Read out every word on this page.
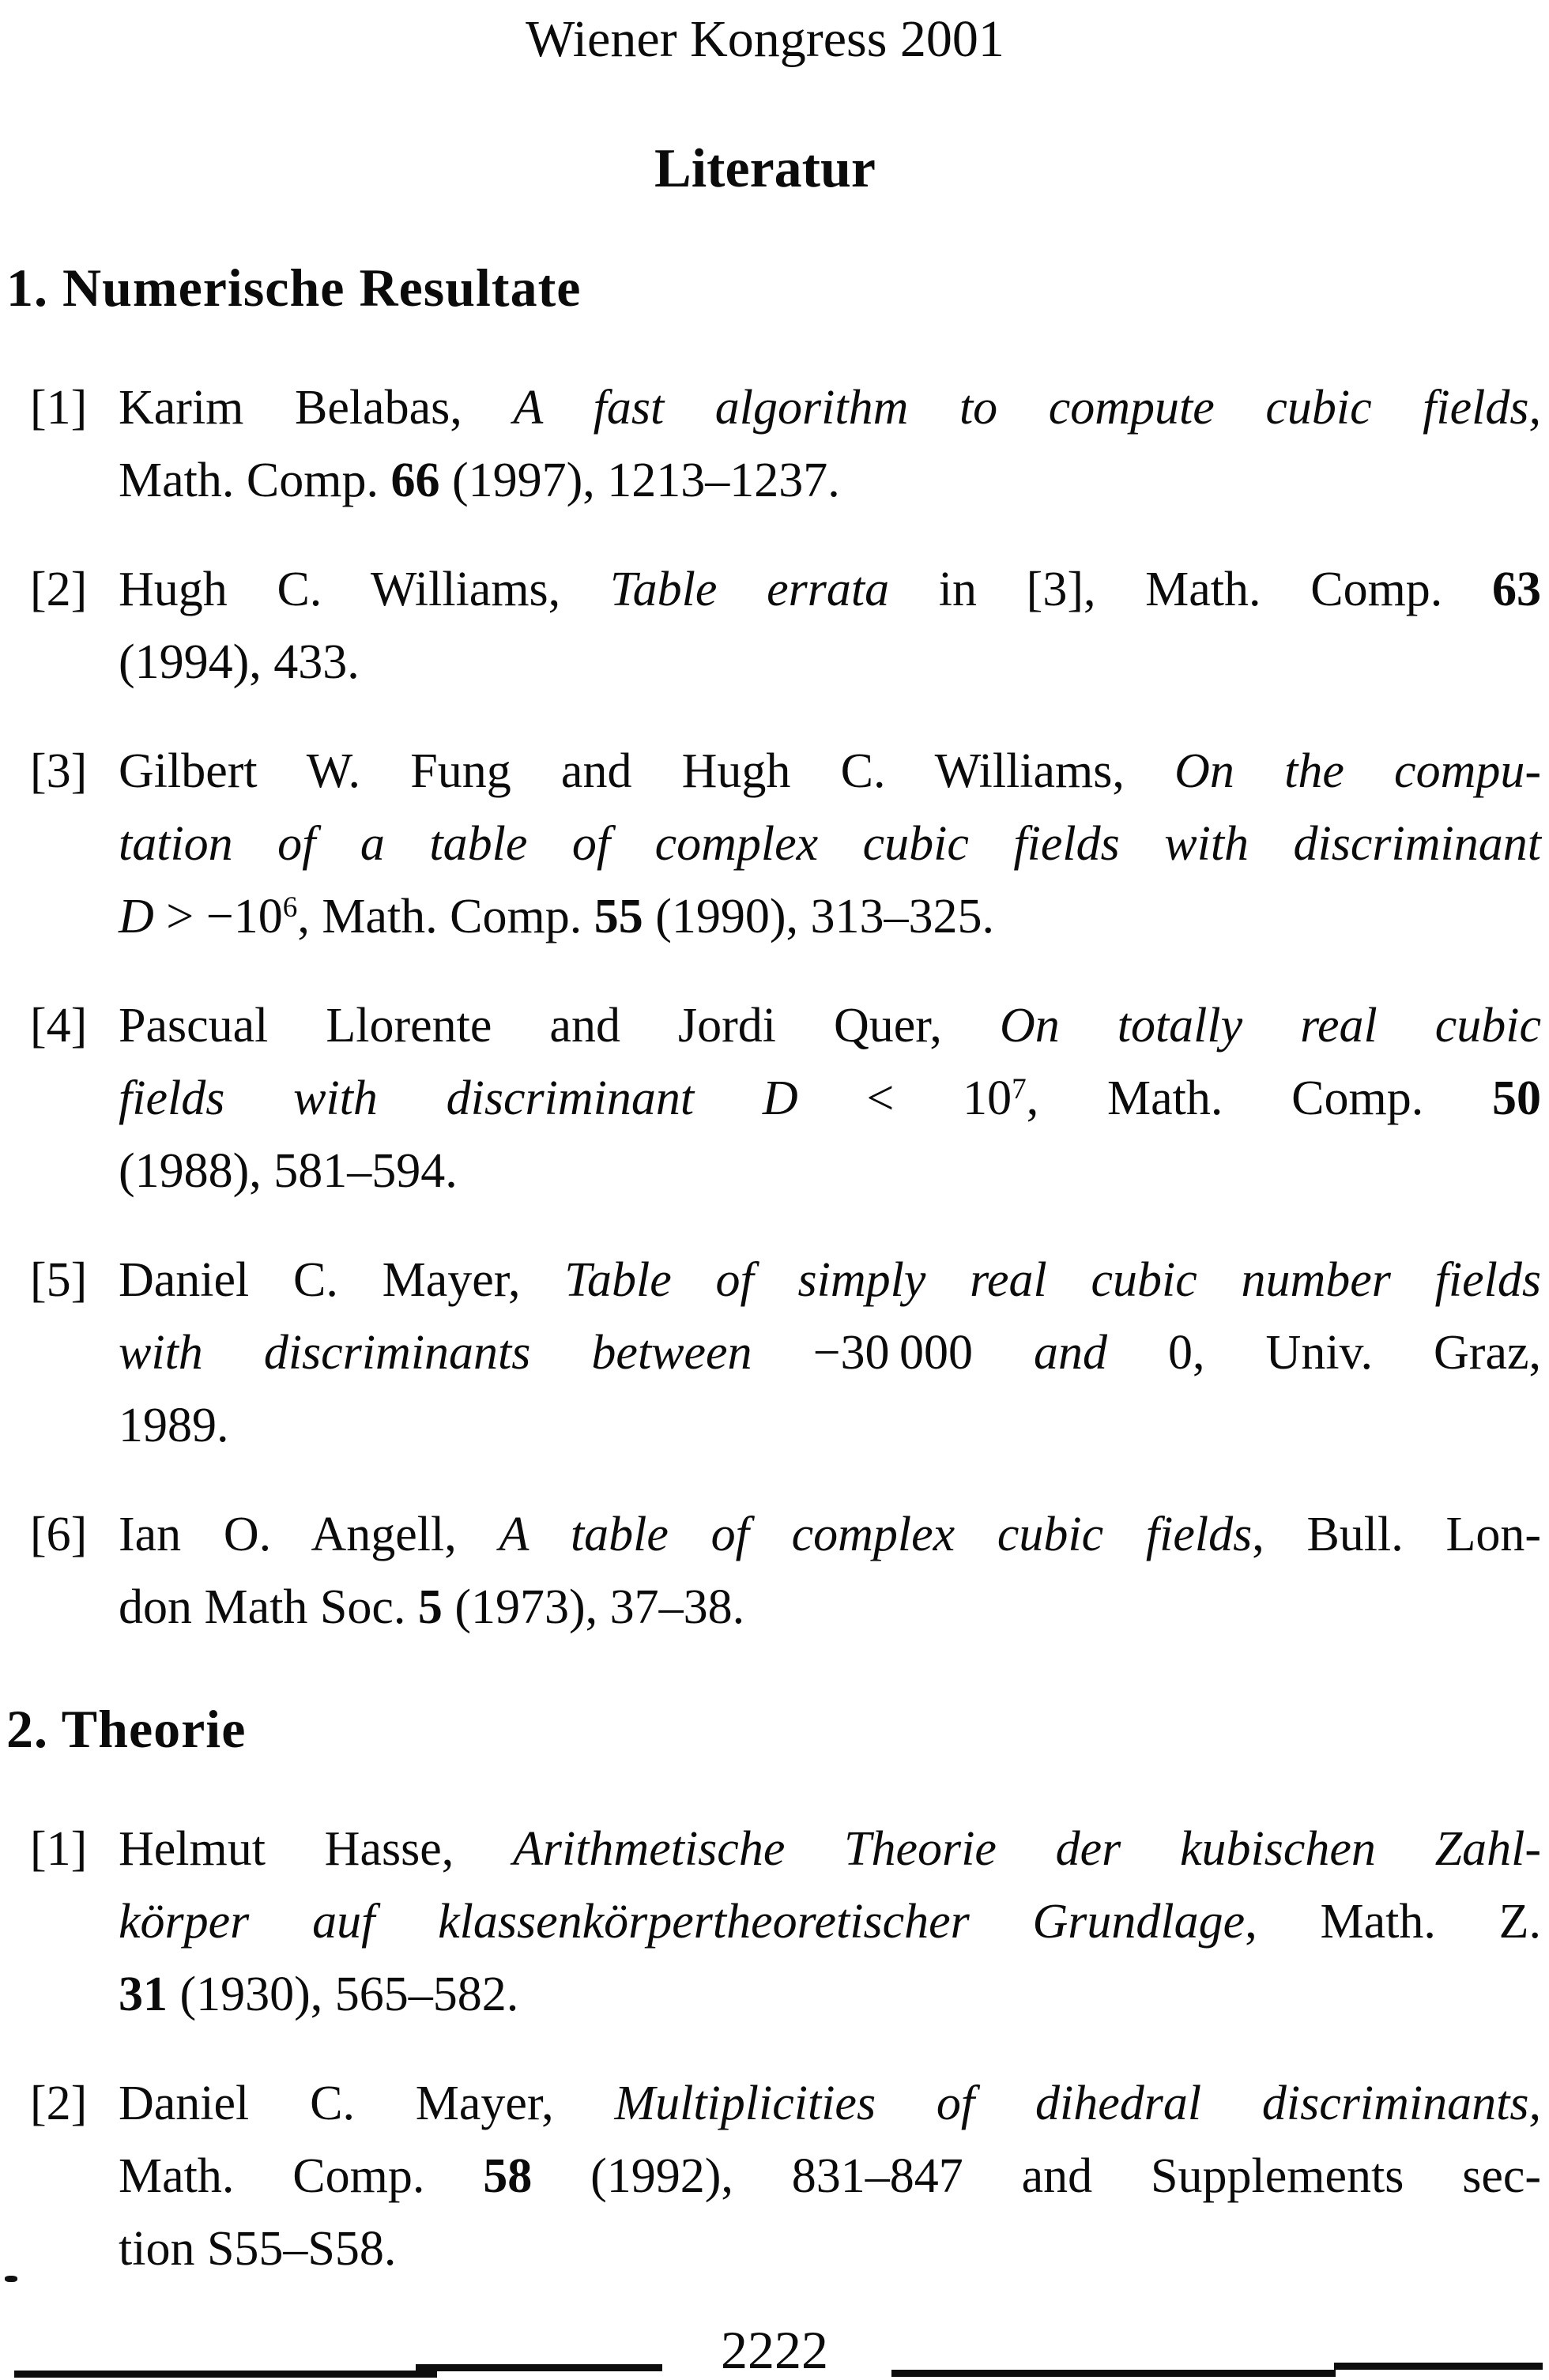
Wiener Kongress 2001
Literatur
1. Numerische Resultate
[1] Karim Belabas, A fast algorithm to compute cubic fields,
Math. Comp. 66 (1997), 1213–1237.
[2] Hugh C. Williams, Table errata in [3], Math. Comp. 63
(1994), 433.
[3] Gilbert W. Fung and Hugh C. Williams, On the compu-
tation of a table of complex cubic fields with discriminant
$D > -10^6$, Math. Comp. 55 (1990), 313–325.
[4] Pascual Llorente and Jordi Quer, On totally real cubic
fields with discriminant $D < 10^7$, Math. Comp. 50
(1988), 581–594.
[5] Daniel C. Mayer, Table of simply real cubic number fields
with discriminants between −30 000 and 0, Univ. Graz,
1989.
[6] Ian O. Angell, A table of complex cubic fields, Bull. Lon-
don Math Soc. 5 (1973), 37–38.
2. Theorie
[1] Helmut Hasse, Arithmetische Theorie der kubischen Zahl-
körper auf klassenkörpertheoretischer Grundlage, Math. Z.
31 (1930), 565–582.
[2] Daniel C. Mayer, Multiplicities of dihedral discriminants,
Math. Comp. 58 (1992), 831–847 and Supplements sec-
tion S55–S58.
2222
